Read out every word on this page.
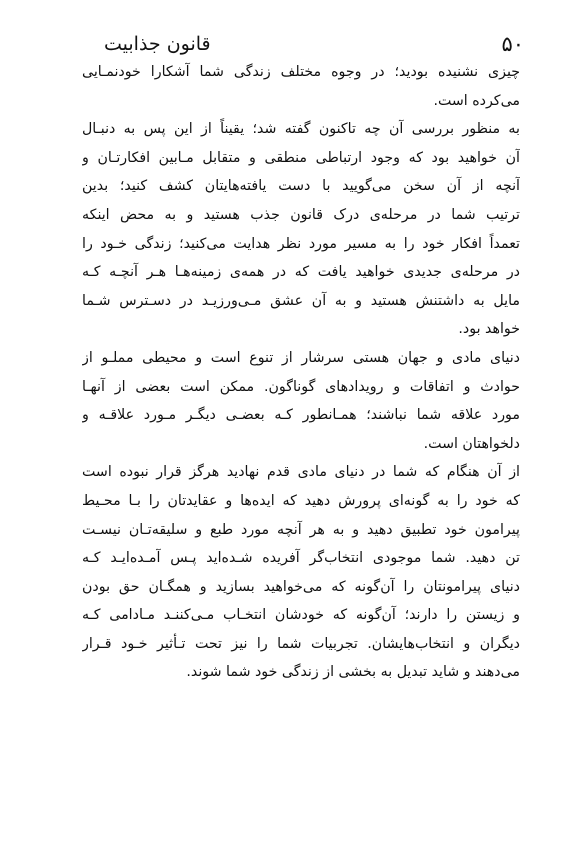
۵۰
قانون جذابیت
چیزی نشنیده بودید؛ در وجوه مختلف زندگی شما آشکارا خودنمـایی
می‌کرده است.
به منظور بررسی آن چه تاکنون گفته شد؛ یقیناً از این پس به دنبـال
آن خواهید بود که وجود ارتباطی منطقی و متقابل مـابین افکارتـان و
آنچه از آن سخن می‌گویید با دست یافته‌هایتان کشف کنید؛ بدین
ترتیب شما در مرحله‌ی درک قانون جذب هستید و به محض اینکه
تعمداً افکار خود را به مسیر مورد نظر هدایت می‌کنید؛ زندگی خـود را
در مرحله‌ی جدیدی خواهید یافت که در همه‌ی زمینه‌هـا هـر آنچـه کـه
مایل به داشتنش هستید و به آن عشق مـی‌ورزیـد در دسـترس شـما
خواهد بود.
دنیای مادی و جهان هستی سرشار از تنوع است و محیطی مملـو از
حوادث و اتفاقات و رویدادهای گوناگون. ممکن است بعضی از آنهـا
مورد علاقه شما نباشند؛ همـانطور کـه بعضـی دیگـر مـورد علاقـه و
دلخواهتان است.
از آن هنگام که شما در دنیای مادی قدم نهادید هرگز قرار نبوده است
که خود را به گونه‌ای پرورش دهید که ایده‌ها و عقایدتان را بـا محـیط
پیرامون خود تطبیق دهید و به هر آنچه مورد طبع و سلیقه‌تـان نیسـت
تن دهید. شما موجودی انتخاب‌گر آفریده شـده‌اید پـس آمـده‌ایـد کـه
دنیای پیرامونتان را آن‌گونه که می‌خواهید بسازید و همگـان حق بودن
و زیستن را دارند؛ آن‌گونه که خودشان انتخـاب مـی‌کننـد مـادامی کـه
دیگران و انتخاب‌هایشان. تجربیات شما را نیز تحت تـأثیر خـود قـرار
می‌دهند و شاید تبدیل به بخشی از زندگی خود شما شوند.
